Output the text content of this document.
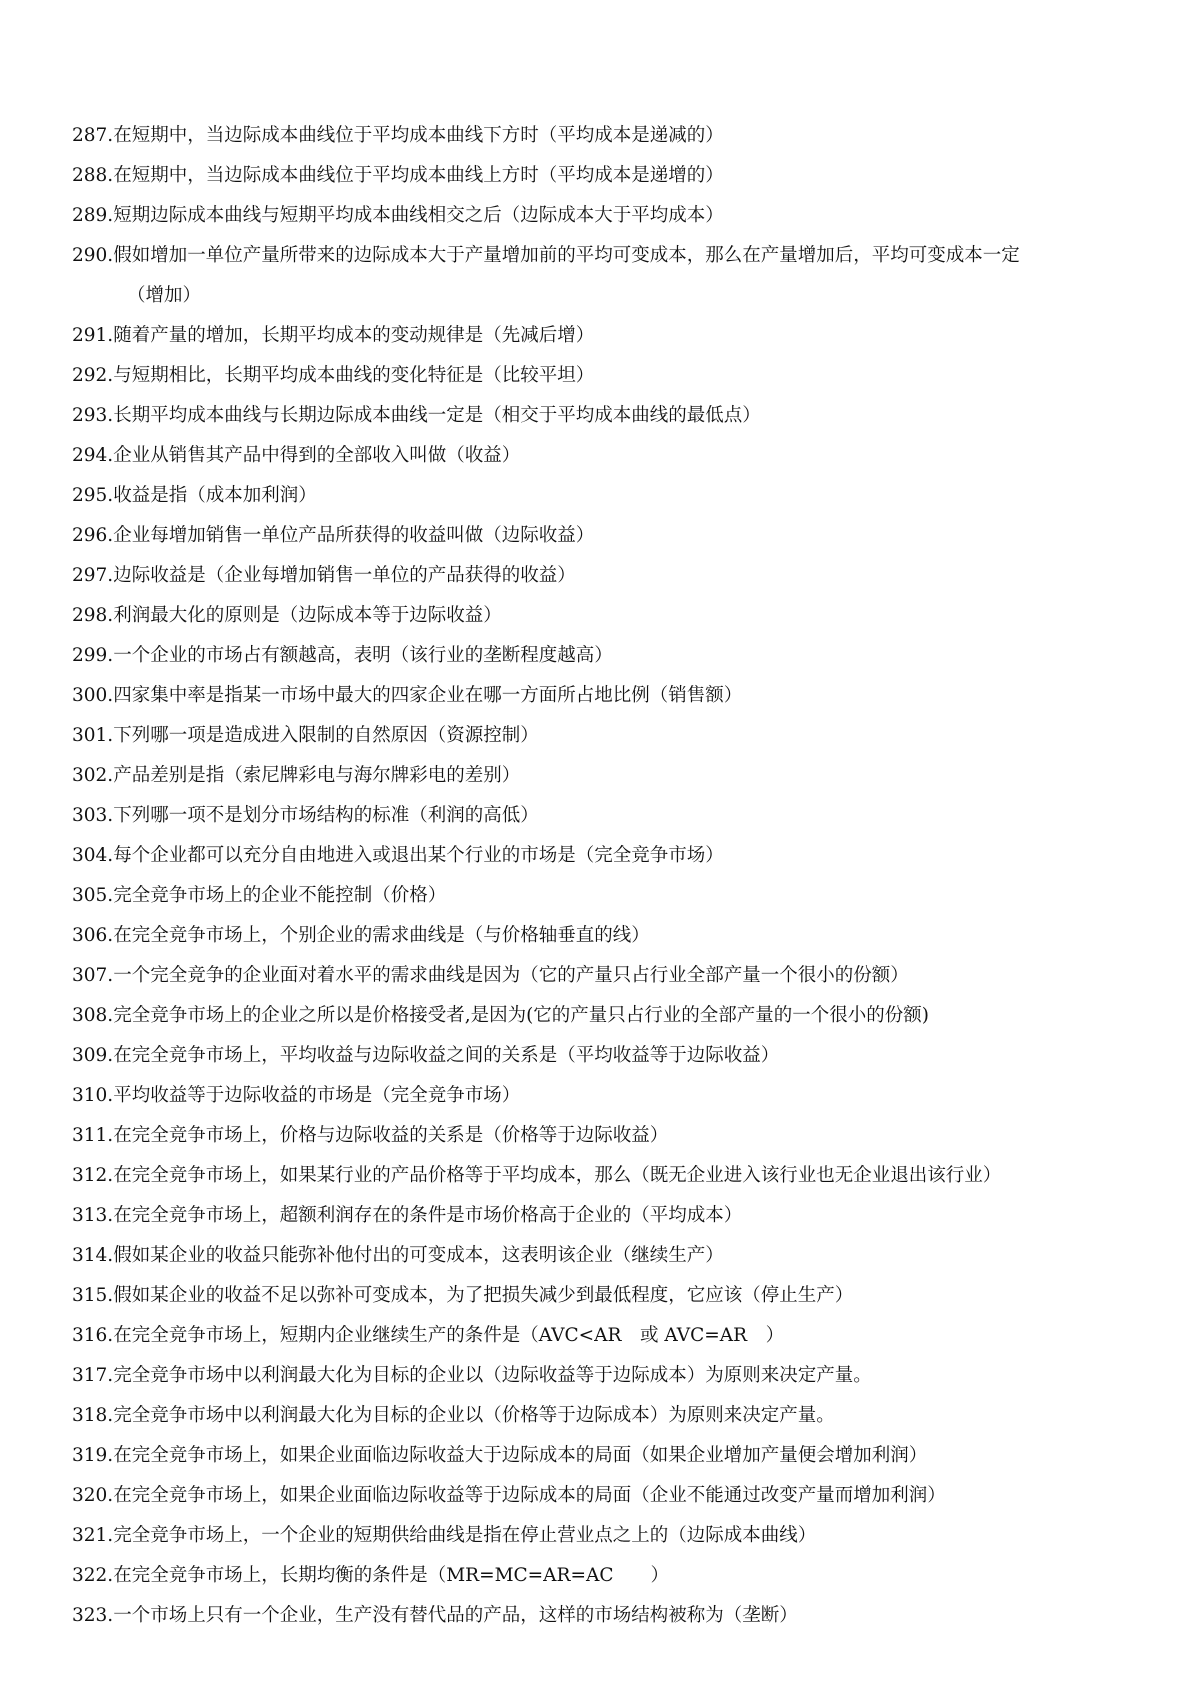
287.在短期中，当边际成本曲线位于平均成本曲线下方时（平均成本是递减的）
288.在短期中，当边际成本曲线位于平均成本曲线上方时（平均成本是递增的）
289.短期边际成本曲线与短期平均成本曲线相交之后（边际成本大于平均成本）
290.假如增加一单位产量所带来的边际成本大于产量增加前的平均可变成本，那么在产量增加后，平均可变成本一定
（增加）
291.随着产量的增加，长期平均成本的变动规律是（先减后增）
292.与短期相比，长期平均成本曲线的变化特征是（比较平坦）
293.长期平均成本曲线与长期边际成本曲线一定是（相交于平均成本曲线的最低点）
294.企业从销售其产品中得到的全部收入叫做（收益）
295.收益是指（成本加利润）
296.企业每增加销售一单位产品所获得的收益叫做（边际收益）
297.边际收益是（企业每增加销售一单位的产品获得的收益）
298.利润最大化的原则是（边际成本等于边际收益）
299.一个企业的市场占有额越高，表明（该行业的垄断程度越高）
300.四家集中率是指某一市场中最大的四家企业在哪一方面所占地比例（销售额）
301.下列哪一项是造成进入限制的自然原因（资源控制）
302.产品差别是指（索尼牌彩电与海尔牌彩电的差别）
303.下列哪一项不是划分市场结构的标准（利润的高低）
304.每个企业都可以充分自由地进入或退出某个行业的市场是（完全竞争市场）
305.完全竞争市场上的企业不能控制（价格）
306.在完全竞争市场上，个别企业的需求曲线是（与价格轴垂直的线）
307.一个完全竞争的企业面对着水平的需求曲线是因为（它的产量只占行业全部产量一个很小的份额）
308.完全竞争市场上的企业之所以是价格接受者,是因为(它的产量只占行业的全部产量的一个很小的份额)
309.在完全竞争市场上，平均收益与边际收益之间的关系是（平均收益等于边际收益）
310.平均收益等于边际收益的市场是（完全竞争市场）
311.在完全竞争市场上，价格与边际收益的关系是（价格等于边际收益）
312.在完全竞争市场上，如果某行业的产品价格等于平均成本，那么（既无企业进入该行业也无企业退出该行业）
313.在完全竞争市场上，超额利润存在的条件是市场价格高于企业的（平均成本）
314.假如某企业的收益只能弥补他付出的可变成本，这表明该企业（继续生产）
315.假如某企业的收益不足以弥补可变成本，为了把损失减少到最低程度，它应该（停止生产）
316.在完全竞争市场上，短期内企业继续生产的条件是（AVC<AR　或 AVC=AR　）
317.完全竞争市场中以利润最大化为目标的企业以（边际收益等于边际成本）为原则来决定产量。
318.完全竞争市场中以利润最大化为目标的企业以（价格等于边际成本）为原则来决定产量。
319.在完全竞争市场上，如果企业面临边际收益大于边际成本的局面（如果企业增加产量便会增加利润）
320.在完全竞争市场上，如果企业面临边际收益等于边际成本的局面（企业不能通过改变产量而增加利润）
321.完全竞争市场上，一个企业的短期供给曲线是指在停止营业点之上的（边际成本曲线）
322.在完全竞争市场上，长期均衡的条件是（MR=MC=AR=AC　　）
323.一个市场上只有一个企业，生产没有替代品的产品，这样的市场结构被称为（垄断）
